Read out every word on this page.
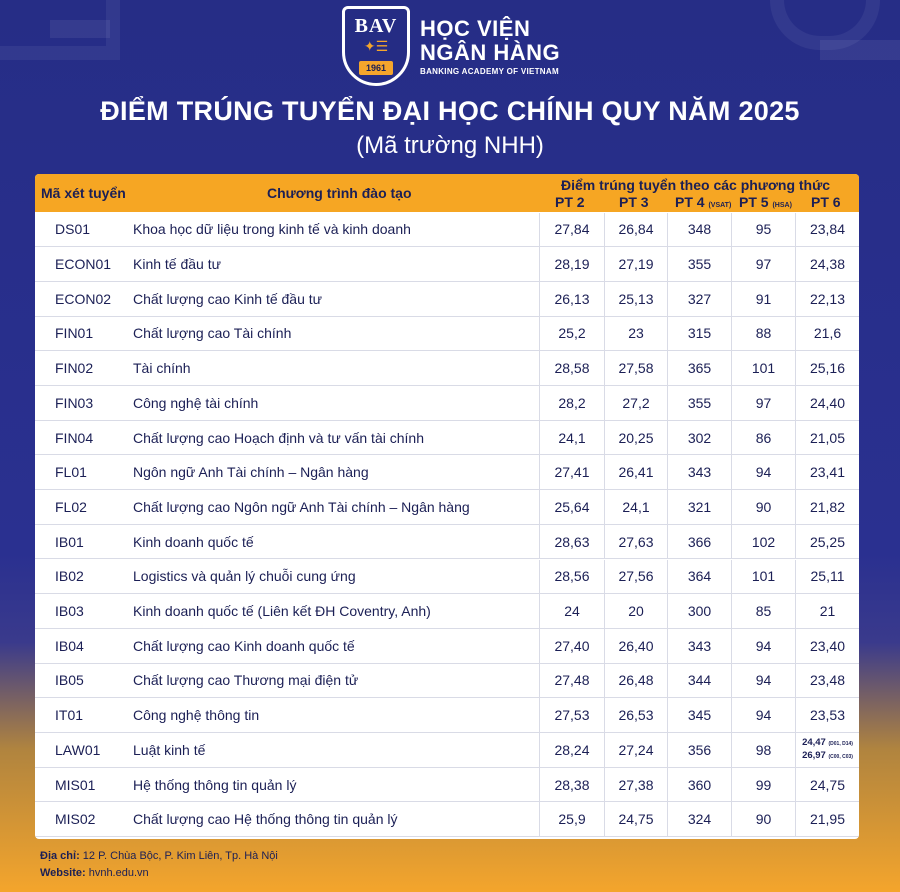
BAV
✦☰
1961
HỌC VIỆN
NGÂN HÀNG
BANKING ACADEMY OF VIETNAM
ĐIỂM TRÚNG TUYỂN ĐẠI HỌC CHÍNH QUY NĂM 2025
(Mã trường NHH)
Mã xét tuyển	Chương trình đào tạo	Điểm trúng tuyển theo các phương thức
PT 2 PT 3 PT 4 (VSAT) PT 5 (HSA) PT 6
DS01	Khoa học dữ liệu trong kinh tế và kinh doanh	27,84	26,84	348	95	23,84
ECON01	Kinh tế đầu tư	28,19	27,19	355	97	24,38
ECON02	Chất lượng cao Kinh tế đầu tư	26,13	25,13	327	91	22,13
FIN01	Chất lượng cao Tài chính	25,2	23	315	88	21,6
FIN02	Tài chính	28,58	27,58	365	101	25,16
FIN03	Công nghệ tài chính	28,2	27,2	355	97	24,40
FIN04	Chất lượng cao Hoạch định và tư vấn tài chính	24,1	20,25	302	86	21,05
FL01	Ngôn ngữ Anh Tài chính – Ngân hàng	27,41	26,41	343	94	23,41
FL02	Chất lượng cao Ngôn ngữ Anh Tài chính – Ngân hàng	25,64	24,1	321	90	21,82
IB01	Kinh doanh quốc tế	28,63	27,63	366	102	25,25
IB02	Logistics và quản lý chuỗi cung ứng	28,56	27,56	364	101	25,11
IB03	Kinh doanh quốc tế (Liên kết ĐH Coventry, Anh)	24	20	300	85	21
IB04	Chất lượng cao Kinh doanh quốc tế	27,40	26,40	343	94	23,40
IB05	Chất lượng cao Thương mại điện tử	27,48	26,48	344	94	23,48
IT01	Công nghệ thông tin	27,53	26,53	345	94	23,53
LAW01	Luật kinh tế	28,24	27,24	356	98	24,47 (D01, D14)
26,97 (C00, C03)
MIS01	Hệ thống thông tin quản lý	28,38	27,38	360	99	24,75
MIS02	Chất lượng cao Hệ thống thông tin quản lý	25,9	24,75	324	90	21,95
Địa chỉ: 12 P. Chùa Bộc, P. Kim Liên, Tp. Hà Nội
Website: hvnh.edu.vn
